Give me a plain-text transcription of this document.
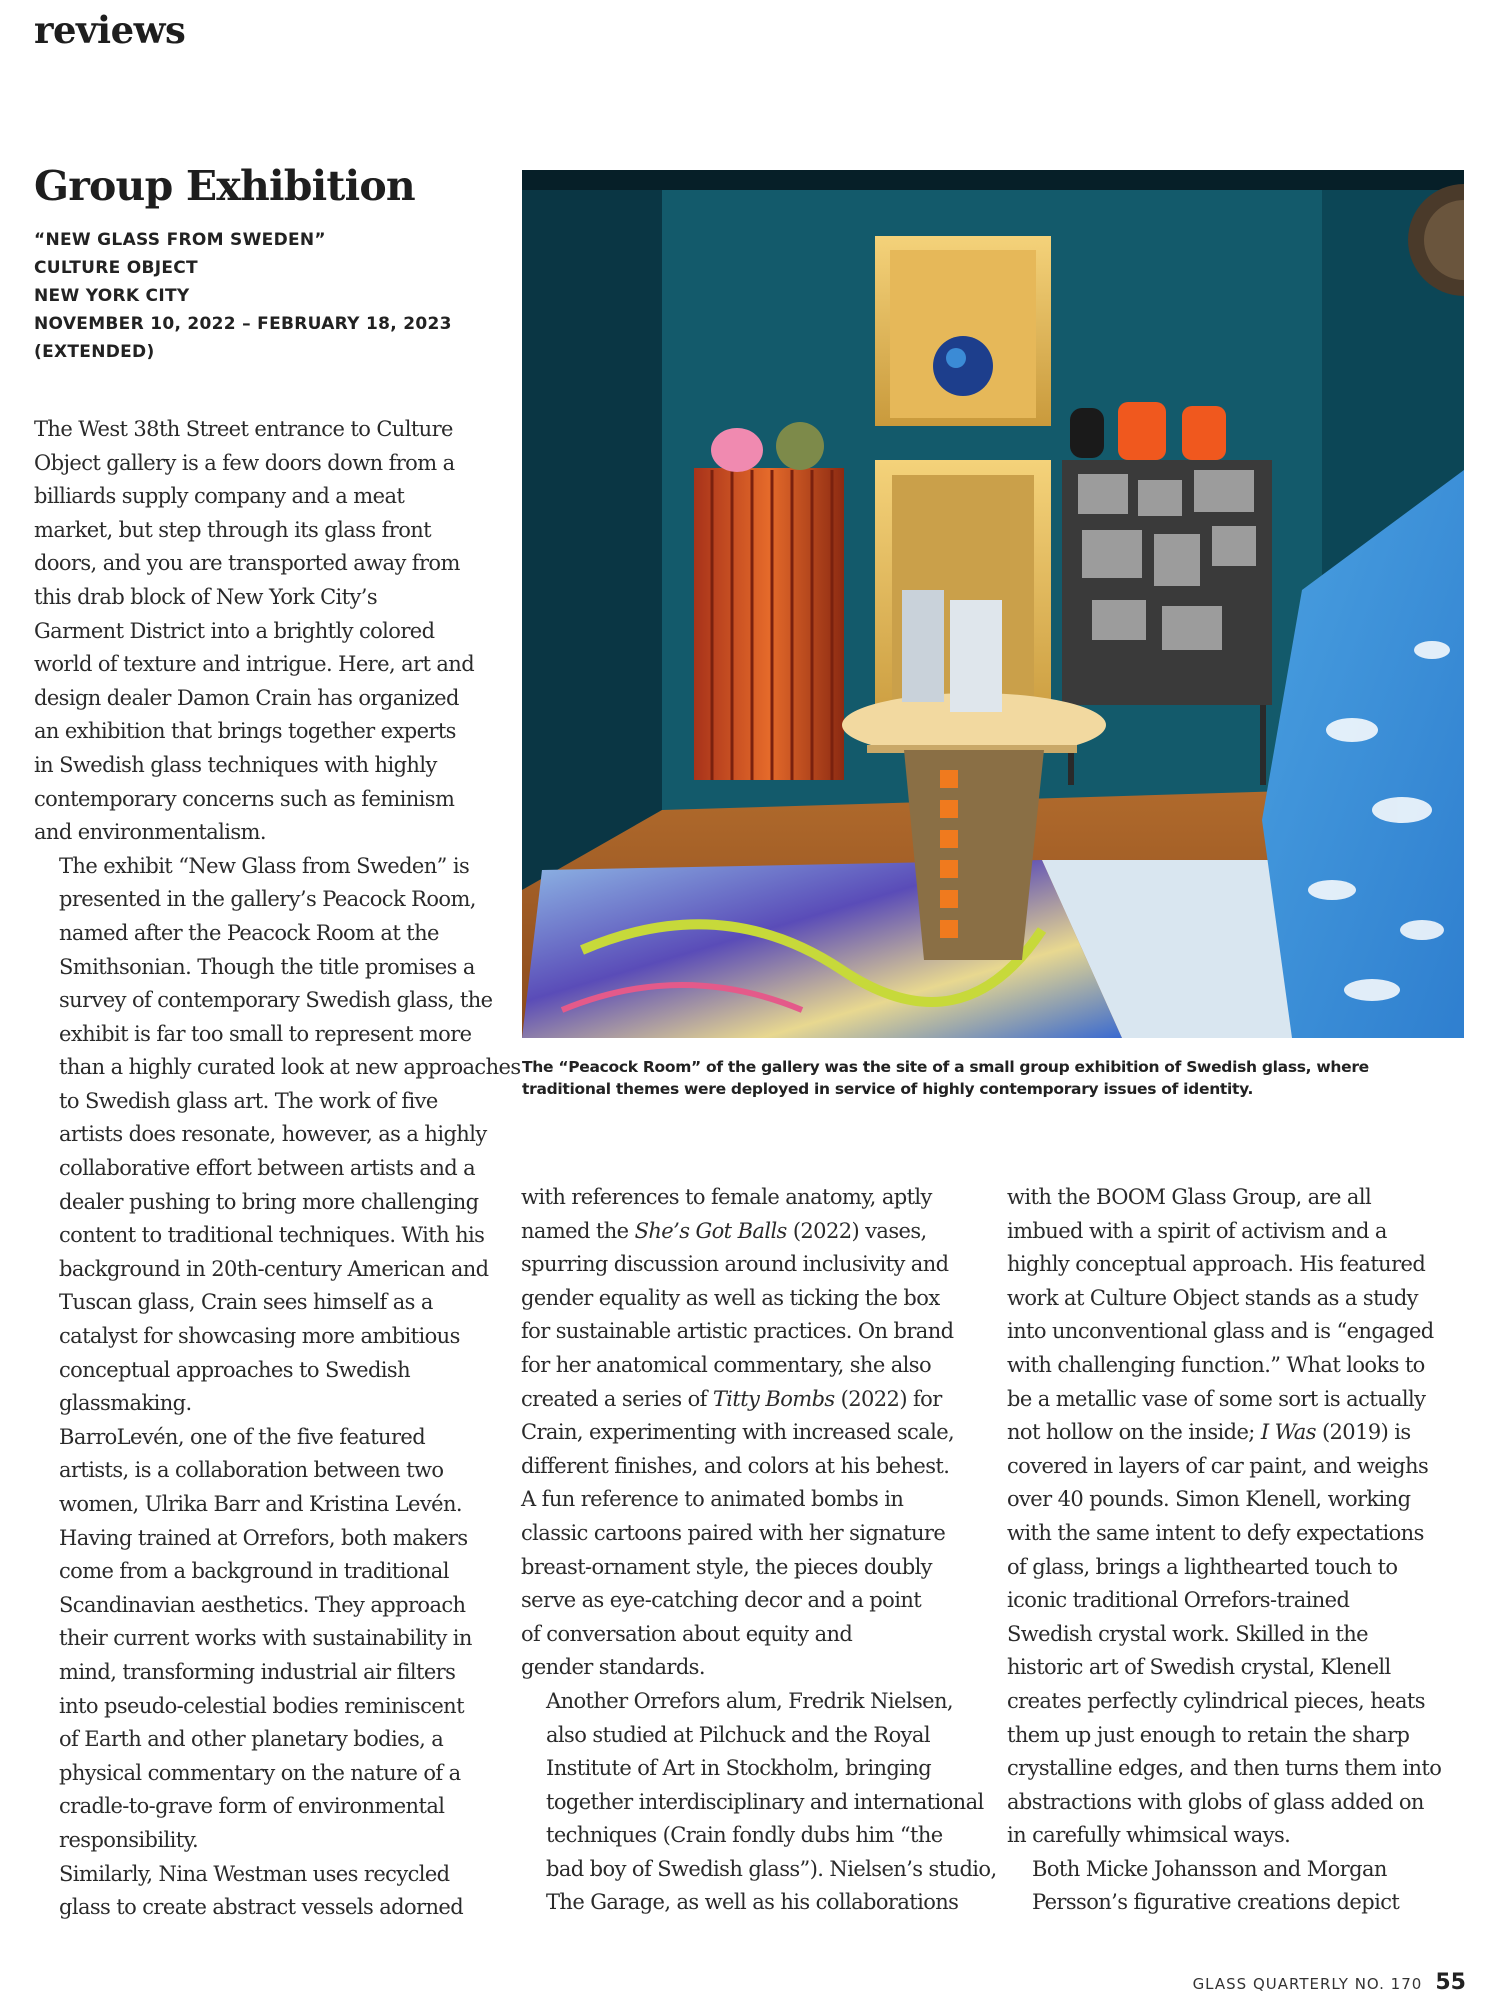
reviews
Group Exhibition
“NEW GLASS FROM SWEDEN”
CULTURE OBJECT
NEW YORK CITY
NOVEMBER 10, 2022 – FEBRUARY 18, 2023
(EXTENDED)

The West 38th Street entrance to Culture
Object gallery is a few doors down from a
billiards supply company and a meat
market, but step through its glass front
doors, and you are transported away from
this drab block of New York City’s
Garment District into a brightly colored
world of texture and intrigue. Here, art and
design dealer Damon Crain has organized
an exhibition that brings together experts
in Swedish glass techniques with highly
contemporary concerns such as feminism
and environmentalism.

The exhibit “New Glass from Sweden” is
presented in the gallery’s Peacock Room,
named after the Peacock Room at the
Smithsonian. Though the title promises a
survey of contemporary Swedish glass, the
exhibit is far too small to represent more
than a highly curated look at new approaches
to Swedish glass art. The work of five
artists does resonate, however, as a highly
collaborative effort between artists and a
dealer pushing to bring more challenging
content to traditional techniques. With his
background in 20th-century American and
Tuscan glass, Crain sees himself as a
catalyst for showcasing more ambitious
conceptual approaches to Swedish
glassmaking.

BarroLevén, one of the five featured
artists, is a collaboration between two
women, Ulrika Barr and Kristina Levén.
Having trained at Orrefors, both makers
come from a background in traditional
Scandinavian aesthetics. They approach
their current works with sustainability in
mind, transforming industrial air filters
into pseudo-celestial bodies reminiscent
of Earth and other planetary bodies, a
physical commentary on the nature of a
cradle-to-grave form of environmental
responsibility.

Similarly, Nina Westman uses recycled
glass to create abstract vessels adorned

The “Peacock Room” of the gallery was the site of a small group exhibition of Swedish glass, where
traditional themes were deployed in service of highly contemporary issues of identity.

with references to female anatomy, aptly
named the She’s Got Balls (2022) vases,
spurring discussion around inclusivity and
gender equality as well as ticking the box
for sustainable artistic practices. On brand
for her anatomical commentary, she also
created a series of Titty Bombs (2022) for
Crain, experimenting with increased scale,
different finishes, and colors at his behest.
A fun reference to animated bombs in
classic cartoons paired with her signature
breast-ornament style, the pieces doubly
serve as eye-catching decor and a point
of conversation about equity and
gender standards.

Another Orrefors alum, Fredrik Nielsen,
also studied at Pilchuck and the Royal
Institute of Art in Stockholm, bringing
together interdisciplinary and international
techniques (Crain fondly dubs him “the
bad boy of Swedish glass”). Nielsen’s studio,
The Garage, as well as his collaborations

with the BOOM Glass Group, are all
imbued with a spirit of activism and a
highly conceptual approach. His featured
work at Culture Object stands as a study
into unconventional glass and is “engaged
with challenging function.” What looks to
be a metallic vase of some sort is actually
not hollow on the inside; I Was (2019) is
covered in layers of car paint, and weighs
over 40 pounds. Simon Klenell, working
with the same intent to defy expectations
of glass, brings a lighthearted touch to
iconic traditional Orrefors-trained
Swedish crystal work. Skilled in the
historic art of Swedish crystal, Klenell
creates perfectly cylindrical pieces, heats
them up just enough to retain the sharp
crystalline edges, and then turns them into
abstractions with globs of glass added on
in carefully whimsical ways.

Both Micke Johansson and Morgan
Persson’s figurative creations depict

GLASS QUARTERLY NO. 170 55
